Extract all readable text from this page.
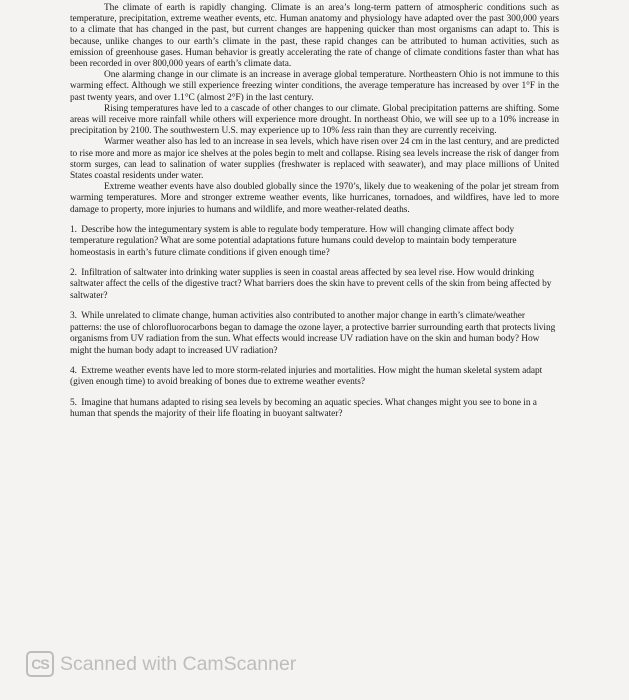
The climate of earth is rapidly changing. Climate is an area’s long-term pattern of atmospheric conditions such as temperature, precipitation, extreme weather events, etc. Human anatomy and physiology have adapted over the past 300,000 years to a climate that has changed in the past, but current changes are happening quicker than most organisms can adapt to. This is because, unlike changes to our earth’s climate in the past, these rapid changes can be attributed to human activities, such as emission of greenhouse gases. Human behavior is greatly accelerating the rate of change of climate conditions faster than what has been recorded in over 800,000 years of earth’s climate data.

One alarming change in our climate is an increase in average global temperature. Northeastern Ohio is not immune to this warming effect. Although we still experience freezing winter conditions, the average temperature has increased by over 1°F in the past twenty years, and over 1.1°C (almost 2°F) in the last century.

Rising temperatures have led to a cascade of other changes to our climate. Global precipitation patterns are shifting. Some areas will receive more rainfall while others will experience more drought. In northeast Ohio, we will see up to a 10% increase in precipitation by 2100. The southwestern U.S. may experience up to 10% less rain than they are currently receiving.

Warmer weather also has led to an increase in sea levels, which have risen over 24 cm in the last century, and are predicted to rise more and more as major ice shelves at the poles begin to melt and collapse. Rising sea levels increase the risk of danger from storm surges, can lead to salination of water supplies (freshwater is replaced with seawater), and may place millions of United States coastal residents under water.

Extreme weather events have also doubled globally since the 1970’s, likely due to weakening of the polar jet stream from warming temperatures. More and stronger extreme weather events, like hurricanes, tornadoes, and wildfires, have led to more damage to property, more injuries to humans and wildlife, and more weather-related deaths.

1. Describe how the integumentary system is able to regulate body temperature. How will changing climate affect body temperature regulation? What are some potential adaptations future humans could develop to maintain body temperature homeostasis in earth’s future climate conditions if given enough time?

2. Infiltration of saltwater into drinking water supplies is seen in coastal areas affected by sea level rise. How would drinking saltwater affect the cells of the digestive tract? What barriers does the skin have to prevent cells of the skin from being affected by saltwater?

3. While unrelated to climate change, human activities also contributed to another major change in earth’s climate/weather patterns: the use of chlorofluorocarbons began to damage the ozone layer, a protective barrier surrounding earth that protects living organisms from UV radiation from the sun. What effects would increase UV radiation have on the skin and human body? How might the human body adapt to increased UV radiation?

4. Extreme weather events have led to more storm-related injuries and mortalities. How might the human skeletal system adapt (given enough time) to avoid breaking of bones due to extreme weather events?

5. Imagine that humans adapted to rising sea levels by becoming an aquatic species. What changes might you see to bone in a human that spends the majority of their life floating in buoyant saltwater?

CS Scanned with CamScanner
